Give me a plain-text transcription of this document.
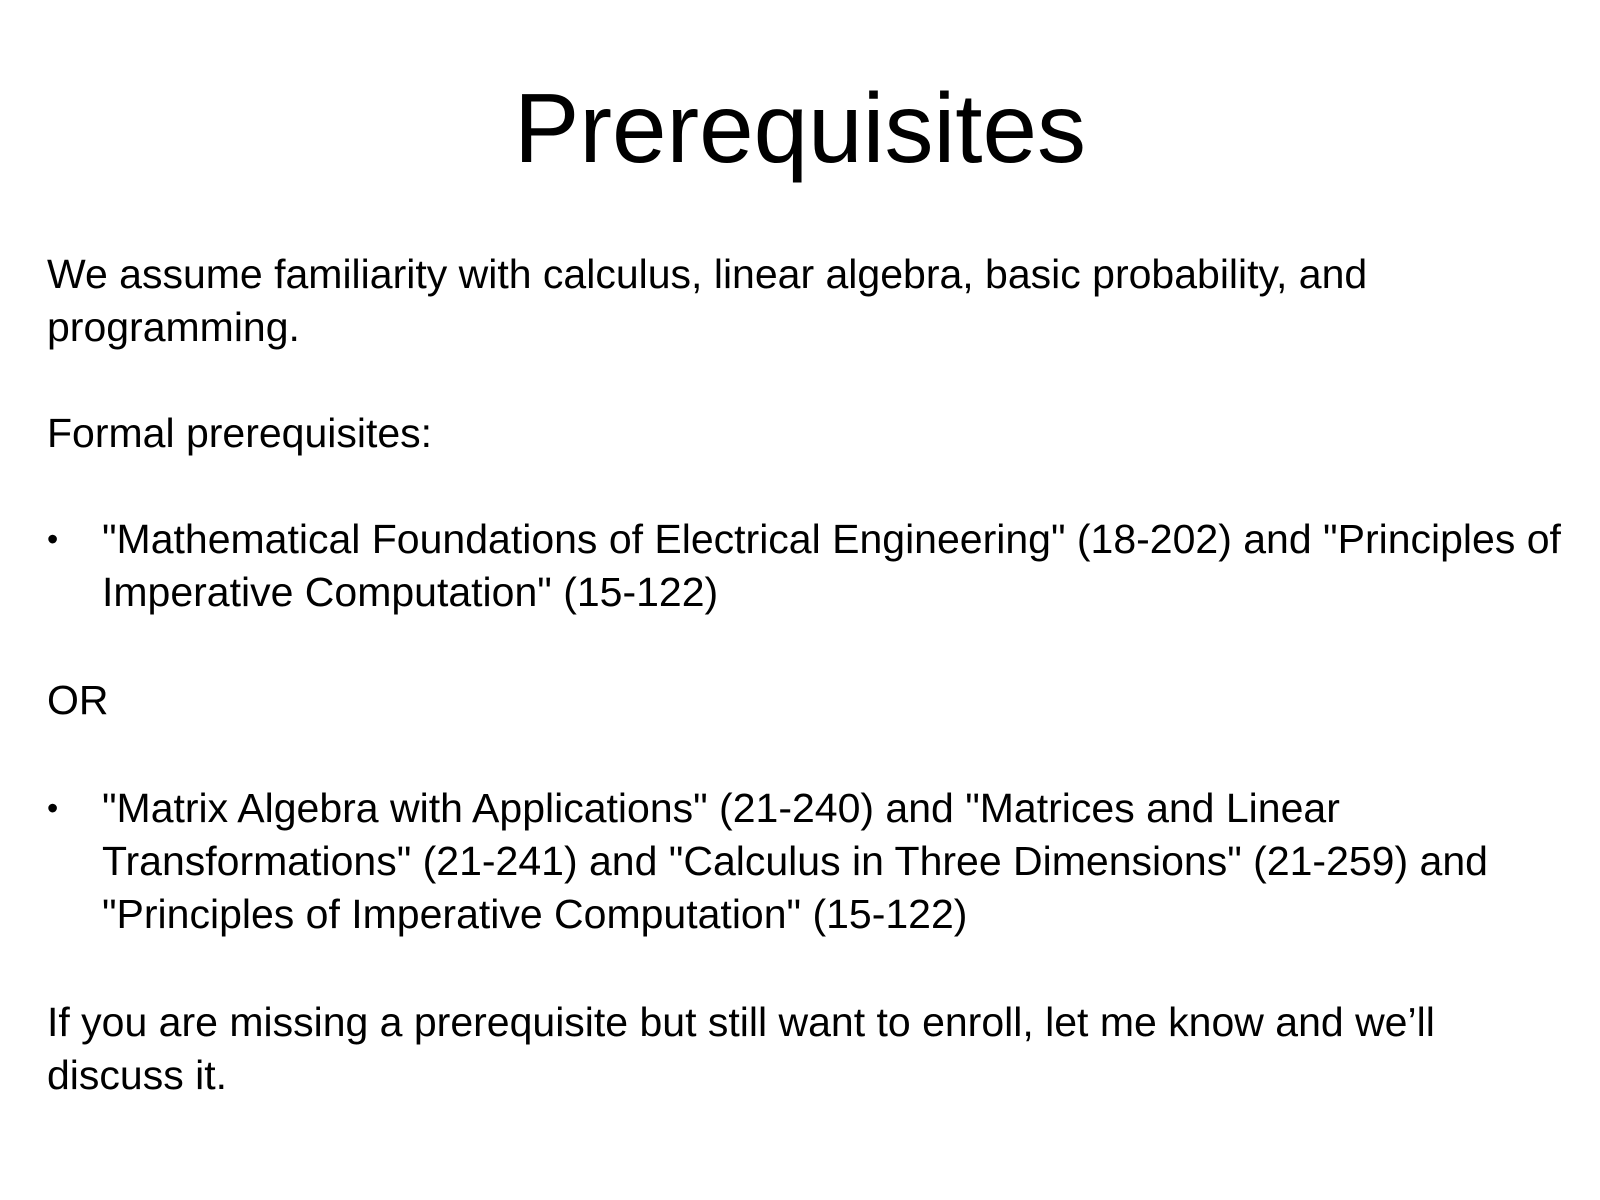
Prerequisites

We assume familiarity with calculus, linear algebra, basic probability, and programming.

Formal prerequisites:

• "Mathematical Foundations of Electrical Engineering" (18-202) and "Principles of Imperative Computation" (15-122)

OR

• "Matrix Algebra with Applications" (21-240) and "Matrices and Linear Transformations" (21-241) and "Calculus in Three Dimensions" (21-259) and "Principles of Imperative Computation" (15-122)

If you are missing a prerequisite but still want to enroll, let me know and we’ll discuss it.
